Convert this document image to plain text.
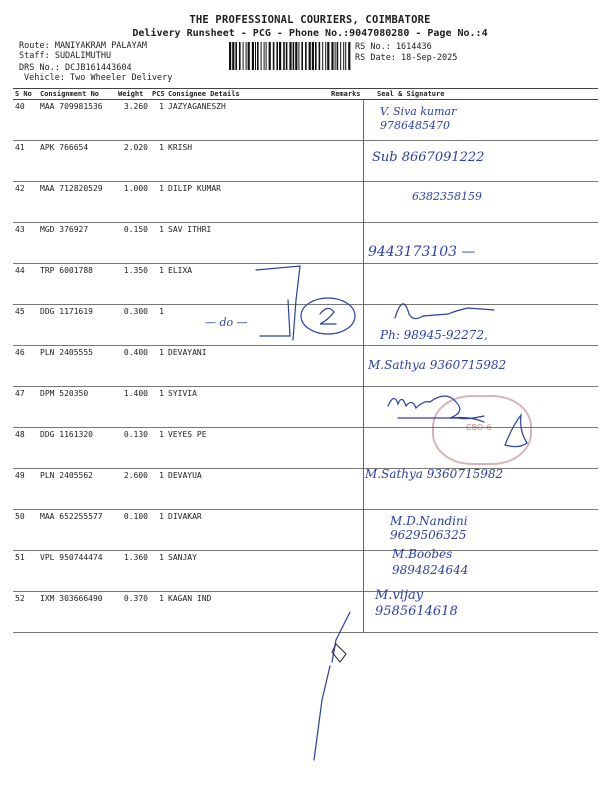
THE PROFESSIONAL COURIERS, COIMBATORE
Delivery Runsheet - PCG - Phone No.:9047080280 - Page No.:4
Route: MANIYAKRAM PALAYAM
Staff: SUDALIMUTHU
DRS No.: DCJB161443604
Vehicle: Two Wheeler Delivery
RS No.: 1614436
RS Date: 18-Sep-2025
S No	Consignment No	Weight	PCS	Consignee Details	Remarks	Seal & Signature
40	MAA 709981536	3.260	1	JAZYAGANESZH		
41	APK 766654	2.020	1	KRISH		
42	MAA 712820529	1.000	1	DILIP KUMAR		
43	MGD 376927	0.150	1	SAV ITHRI		
44	TRP 6001788	1.350	1	ELIXA		
45	DDG 1171619	0.300	1			
46	PLN 2405555	0.400	1	DEVAYANI		
47	DPM 520350	1.400	1	SYIVIA		
48	DDG 1161320	0.130	1	VEYES PE		
49	PLN 2405562	2.600	1	DEVAYUA		
50	MAA 652255577	0.100	1	DIVAKAR		
51	VPL 950744474	1.360	1	SANJAY		
52	IXM 303666490	0.370	1	KAGAN IND		
V. Siva kumar
9786485470
Sub 8667091222
6382358159
9443173103 —
— do —
Ph: 98945-92272,
M.Sathya 9360715982
M.Sathya 9360715982
M.D.Nandini
9629506325
M.Boobes
9894824644
M.vijay
9585614618
CBO-6
